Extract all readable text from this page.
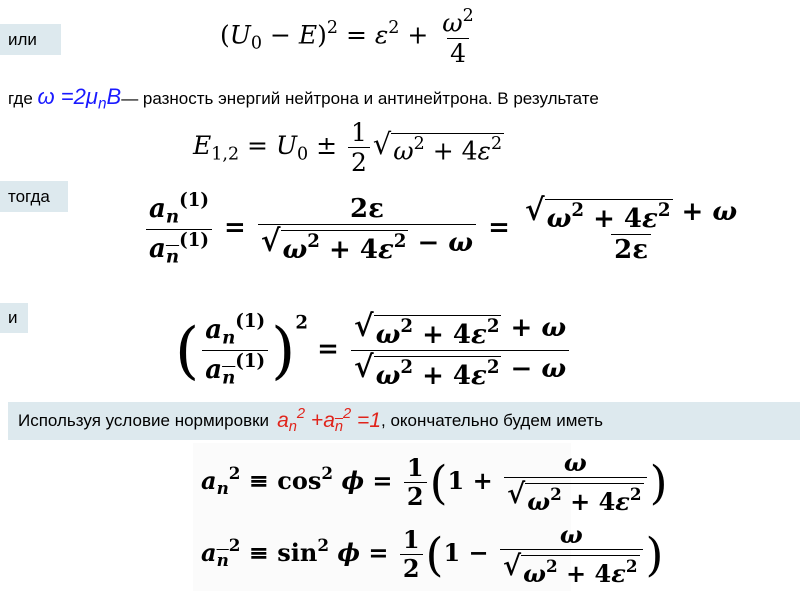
или	$(U_0 - E)^2 = \varepsilon^2 + \frac{\omega^2}{4}$
где $\omega =2\mu_nB—$ разность энергий нейтрона и антинейтрона. В результате
$E_{1,2} = U_0 \pm \frac{1}{2}$ √ $\omega^2 + 4\varepsilon^2$
тогда	$\frac{a_n^{(1)}}{a_{\overline{n}}^{(1)}} = \frac{2\varepsilon}{√ \omega^2 + 4\varepsilon^2 - \omega} = \frac{√ \omega^2 + 4\varepsilon^2 + \omega}{2\varepsilon}$
и	( $\frac{a_n^{(1)}}{a_{\overline{n}}^{(1)}} )^2 = \frac{√ \omega^2 + 4\varepsilon^2 + \omega}{√ \omega^2 + 4\varepsilon^2 - \omega}$
Используя условие нормировки $a_n^2 +a_{\overline{n}}^2 =1$ , окончательно будем иметь
$a_n^2 \equiv \cos^2 \phi = \frac{1}{2} (1 + \frac{\omega}{√ \omega^2 + 4\varepsilon^2}$ )
$a_{\overline{n}}^2 \equiv \sin^2 \phi = \frac{1}{2} (1 - \frac{\omega}{√ \omega^2 + 4\varepsilon^2}$ )
